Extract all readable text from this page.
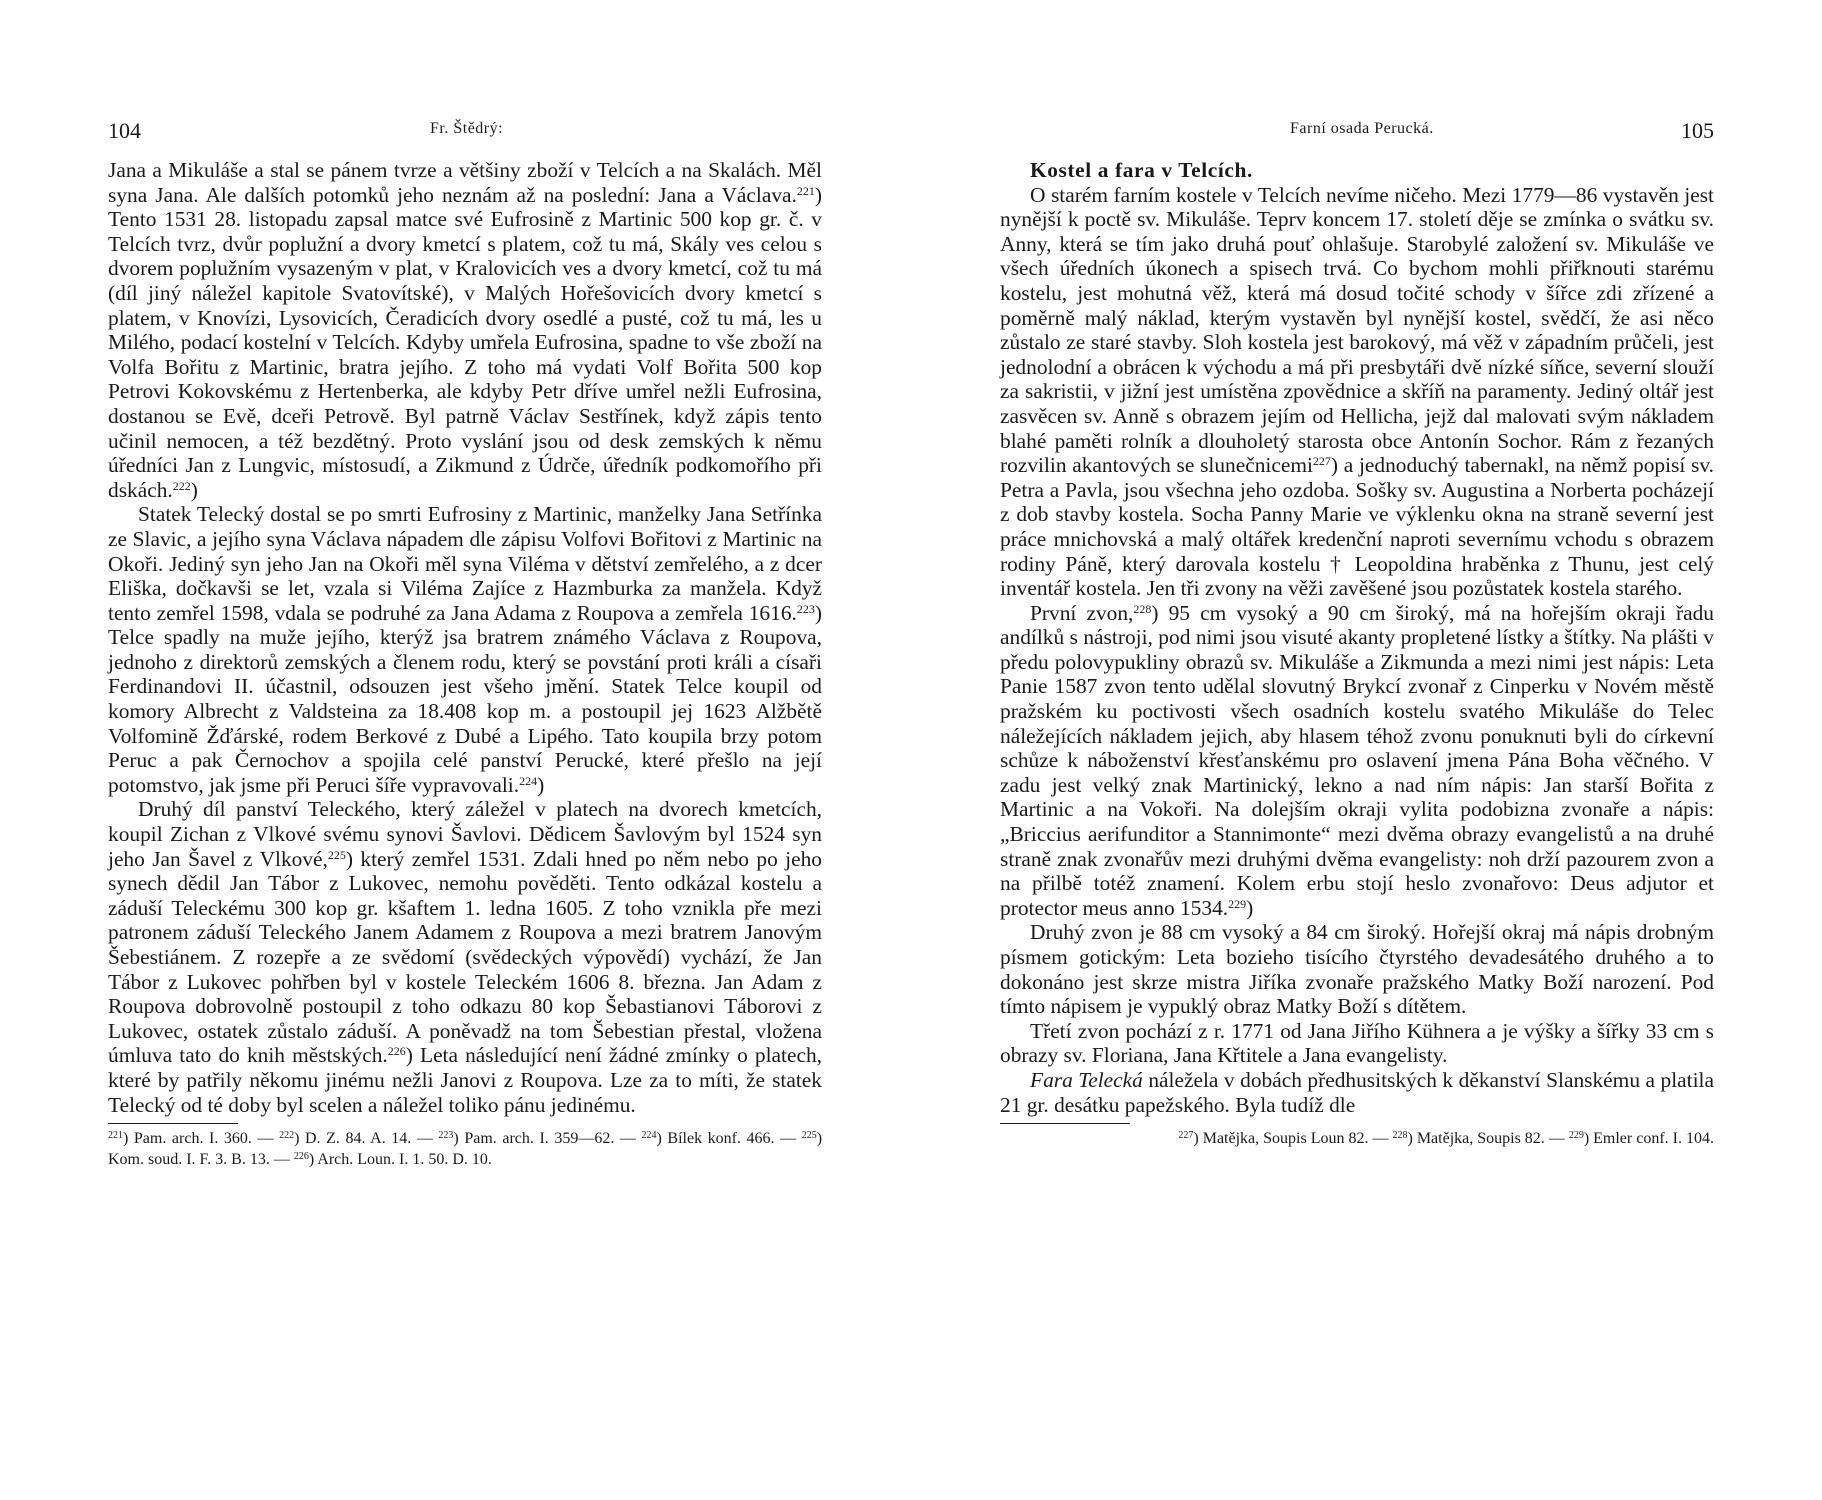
104	Fr. Štědrý:

Jana a Mikuláše a stal se pánem tvrze a většiny zboží v Telcích a na Skalách. Měl syna Jana. Ale dalších potomků jeho neznám až na poslední: Jana a Václava.$^{221}$) Tento 1531 28. listopadu zapsal matce své Eufrosině z Martinic 500 kop gr. č. v Telcích tvrz, dvůr poplužní a dvory kmetcí s platem, což tu má, Skály ves celou s dvorem poplužním vysazeným v plat, v Kralovicích ves a dvory kmetcí, což tu má (díl jiný náležel kapitole Svatovítské), v Malých Hořešovicích dvory kmetcí s platem, v Knovízi, Lysovicích, Čeradicích dvory osedlé a pusté, což tu má, les u Milého, podací kostelní v Telcích. Kdyby umřela Eufrosina, spadne to vše zboží na Volfa Bořitu z Martinic, bratra jejího. Z toho má vydati Volf Bořita 500 kop Petrovi Kokovskému z Hertenberka, ale kdyby Petr dříve umřel nežli Eufrosina, dostanou se Evě, dceři Petrově. Byl patrně Václav Sestřínek, když zápis tento učinil nemocen, a též bezdětný. Proto vyslání jsou od desk zemských k němu úředníci Jan z Lungvic, místosudí, a Zikmund z Údrče, úředník podkomořího při dskách.$^{222}$)

Statek Telecký dostal se po smrti Eufrosiny z Martinic, manželky Jana Setřínka ze Slavic, a jejího syna Václava nápadem dle zápisu Volfovi Bořitovi z Martinic na Okoři. Jediný syn jeho Jan na Okoři měl syna Viléma v dětství zemřelého, a z dcer Eliška, dočkavši se let, vzala si Viléma Zajíce z Hazmburka za manžela. Když tento zemřel 1598, vdala se podruhé za Jana Adama z Roupova a zemřela 1616.$^{223}$) Telce spadly na muže jejího, kterýž jsa bratrem známého Václava z Roupova, jednoho z direktorů zemských a členem rodu, který se povstání proti králi a císaři Ferdinandovi II. účastnil, odsouzen jest všeho jmění. Statek Telce koupil od komory Albrecht z Valdsteina za 18.408 kop m. a postoupil jej 1623 Alžbětě Volfomině Žďárské, rodem Berkové z Dubé a Lipého. Tato koupila brzy potom Peruc a pak Černochov a spojila celé panství Perucké, které přešlo na její potomstvo, jak jsme při Peruci šíře vypravovali.$^{224}$)

Druhý díl panství Teleckého, který záležel v platech na dvorech kmetcích, koupil Zichan z Vlkové svému synovi Šavlovi. Dědicem Šavlovým byl 1524 syn jeho Jan Šavel z Vlkové,$^{225}$) který zemřel 1531. Zdali hned po něm nebo po jeho synech dědil Jan Tábor z Lukovec, nemohu pověděti. Tento odkázal kostelu a záduší Teleckému 300 kop gr. kšaftem 1. ledna 1605. Z toho vznikla pře mezi patronem záduší Teleckého Janem Adamem z Roupova a mezi bratrem Janovým Šebestiánem. Z rozepře a ze svědomí (svědeckých výpovědí) vychází, že Jan Tábor z Lukovec pohřben byl v kostele Teleckém 1606 8. března. Jan Adam z Roupova dobrovolně postoupil z toho odkazu 80 kop Šebastianovi Táborovi z Lukovec, ostatek zůstalo záduší. A poněvadž na tom Šebestian přestal, vložena úmluva tato do knih městských.$^{226}$) Leta následující není žádné zmínky o platech, které by patřily někomu jinému nežli Janovi z Roupova. Lze za to míti, že statek Telecký od té doby byl scelen a náležel toliko pánu jedinému.

$^{221}$) Pam. arch. I. 360. — $^{222}$) D. Z. 84. A. 14. — $^{223}$) Pam. arch. I. 359—62. — $^{224}$) Bílek konf. 466. — $^{225}$) Kom. soud. I. F. 3. B. 13. — $^{226}$) Arch. Loun. I. 1. 50. D. 10.

Farní osada Perucká.	105

Kostel a fara v Telcích.

O starém farním kostele v Telcích nevíme ničeho. Mezi 1779—86 vystavěn jest nynější k poctě sv. Mikuláše. Teprv koncem 17. století děje se zmínka o svátku sv. Anny, která se tím jako druhá pouť ohlašuje. Starobylé založení sv. Mikuláše ve všech úředních úkonech a spisech trvá. Co bychom mohli přiřknouti starému kostelu, jest mohutná věž, která má dosud točité schody v šířce zdi zřízené a poměrně malý náklad, kterým vystavěn byl nynější kostel, svědčí, že asi něco zůstalo ze staré stavby. Sloh kostela jest barokový, má věž v západním průčeli, jest jednolodní a obrácen k východu a má při presbytáři dvě nízké síňce, severní slouží za sakristii, v jižní jest umístěna zpovědnice a skříň na paramenty. Jediný oltář jest zasvěcen sv. Anně s obrazem jejím od Hellicha, jejž dal malovati svým nákladem blahé paměti rolník a dlouholetý starosta obce Antonín Sochor. Rám z řezaných rozvilin akantových se slunečnicemi$^{227}$) a jednoduchý tabernakl, na němž popisí sv. Petra a Pavla, jsou všechna jeho ozdoba. Sošky sv. Augustina a Norberta pocházejí z dob stavby kostela. Socha Panny Marie ve výklenku okna na straně severní jest práce mnichovská a malý oltářek kredenční naproti severnímu vchodu s obrazem rodiny Páně, který darovala kostelu † Leopoldina hraběnka z Thunu, jest celý inventář kostela. Jen tři zvony na věži zavěšené jsou pozůstatek kostela starého.

První zvon,$^{228}$) 95 cm vysoký a 90 cm široký, má na hořejším okraji řadu andílků s nástroji, pod nimi jsou visuté akanty propletené lístky a štítky. Na plášti v předu polovypukliny obrazů sv. Mikuláše a Zikmunda a mezi nimi jest nápis: Leta Panie 1587 zvon tento udělal slovutný Brykcí zvonař z Cinperku v Novém městě pražském ku poctivosti všech osadních kostelu svatého Mikuláše do Telec náležejících nákladem jejich, aby hlasem téhož zvonu ponuknuti byli do církevní schůze k náboženství křesťanskému pro oslavení jmena Pána Boha věčného. V zadu jest velký znak Martinický, lekno a nad ním nápis: Jan starší Bořita z Martinic a na Vokoři. Na dolejším okraji vylita podobizna zvonaře a nápis: „Briccius aerifunditor a Stannimonte“ mezi dvěma obrazy evangelistů a na druhé straně znak zvonařův mezi druhými dvěma evangelisty: noh drží pazourem zvon a na přilbě totéž znamení. Kolem erbu stojí heslo zvonařovo: Deus adjutor et protector meus anno 1534.$^{229}$)

Druhý zvon je 88 cm vysoký a 84 cm široký. Hořejší okraj má nápis drobným písmem gotickým: Leta bozieho tisícího čtyrstého devadesátého druhého a to dokonáno jest skrze mistra Jiříka zvonaře pražského Matky Boží narození. Pod tímto nápisem je vypuklý obraz Matky Boží s dítětem.

Třetí zvon pochází z r. 1771 od Jana Jiřího Kühnera a je výšky a šířky 33 cm s obrazy sv. Floriana, Jana Křtitele a Jana evangelisty.

Fara Telecká náležela v dobách předhusitských k děkanství Slanskému a platila 21 gr. desátku papežského. Byla tudíž dle

$^{227}$) Matějka, Soupis Loun 82. — $^{228}$) Matějka, Soupis 82. — $^{229}$) Emler conf. I. 104.
